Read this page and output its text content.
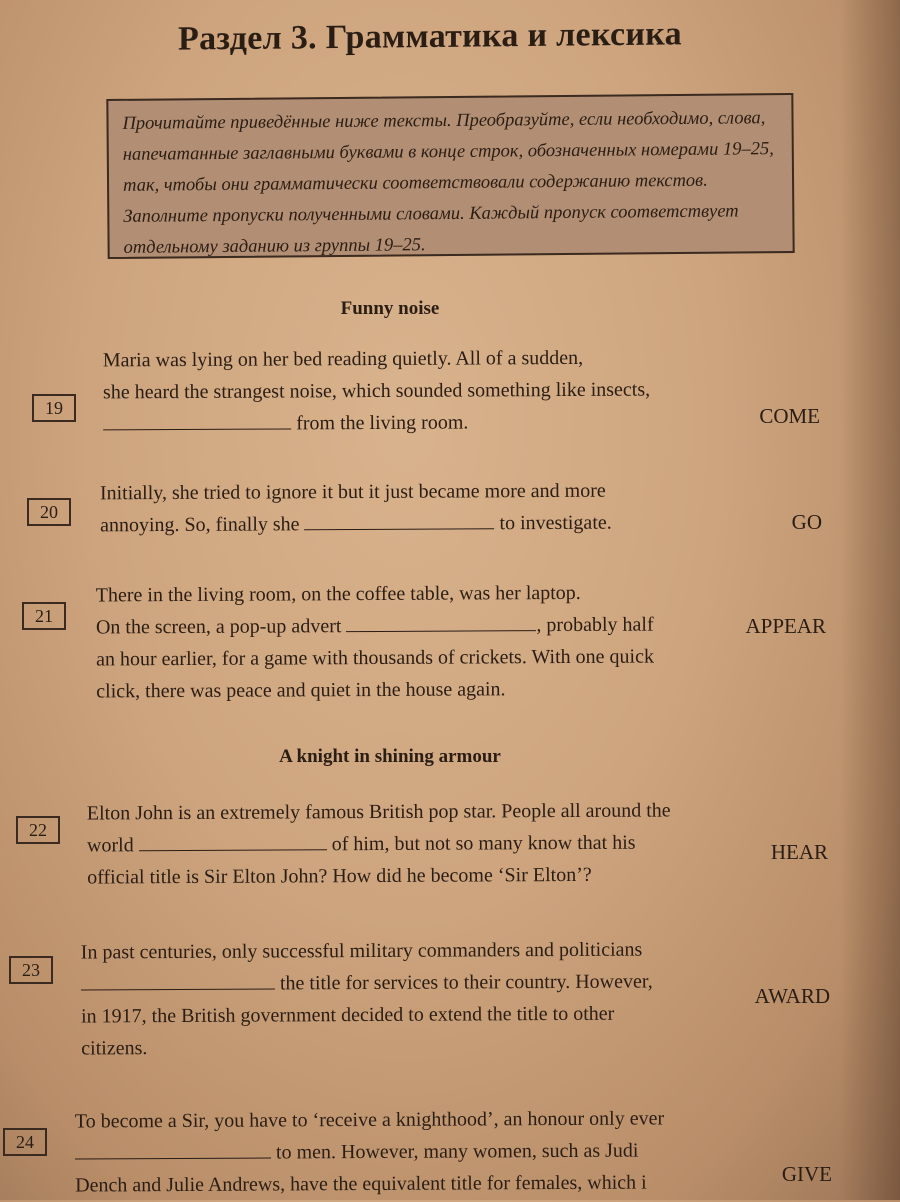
Раздел 3. Грамматика и лексика
Прочитайте приведённые ниже тексты. Преобразуйте, если необходимо, слова,
напечатанные заглавными буквами в конце строк, обозначенных номерами 19–25,
так, чтобы они грамматически соответствовали содержанию текстов.
Заполните пропуски полученными словами. Каждый пропуск соответствует
отдельному заданию из группы 19–25.
Funny noise
19
Maria was lying on her bed reading quietly. All of a sudden,
she heard the strangest noise, which sounded something like insects,
from the living room.	COME
20
Initially, she tried to ignore it but it just became more and more
annoying. So, finally she	to investigate.	GO
21
There in the living room, on the coffee table, was her laptop.
On the screen, a pop-up advert	, probably half
an hour earlier, for a game with thousands of crickets. With one quick
click, there was peace and quiet in the house again.
APPEAR
A knight in shining armour
22
Elton John is an extremely famous British pop star. People all around the
world	of him, but not so many know that his
official title is Sir Elton John? How did he become ‘Sir Elton’?
HEAR
23
In past centuries, only successful military commanders and politicians
the title for services to their country. However,
in 1917, the British government decided to extend the title to other
citizens.
AWARD
24
To become a Sir, you have to ‘receive a knighthood’, an honour only ever
to men. However, many women, such as Judi
Dench and Julie Andrews, have the equivalent title for females, which i	GIVE
